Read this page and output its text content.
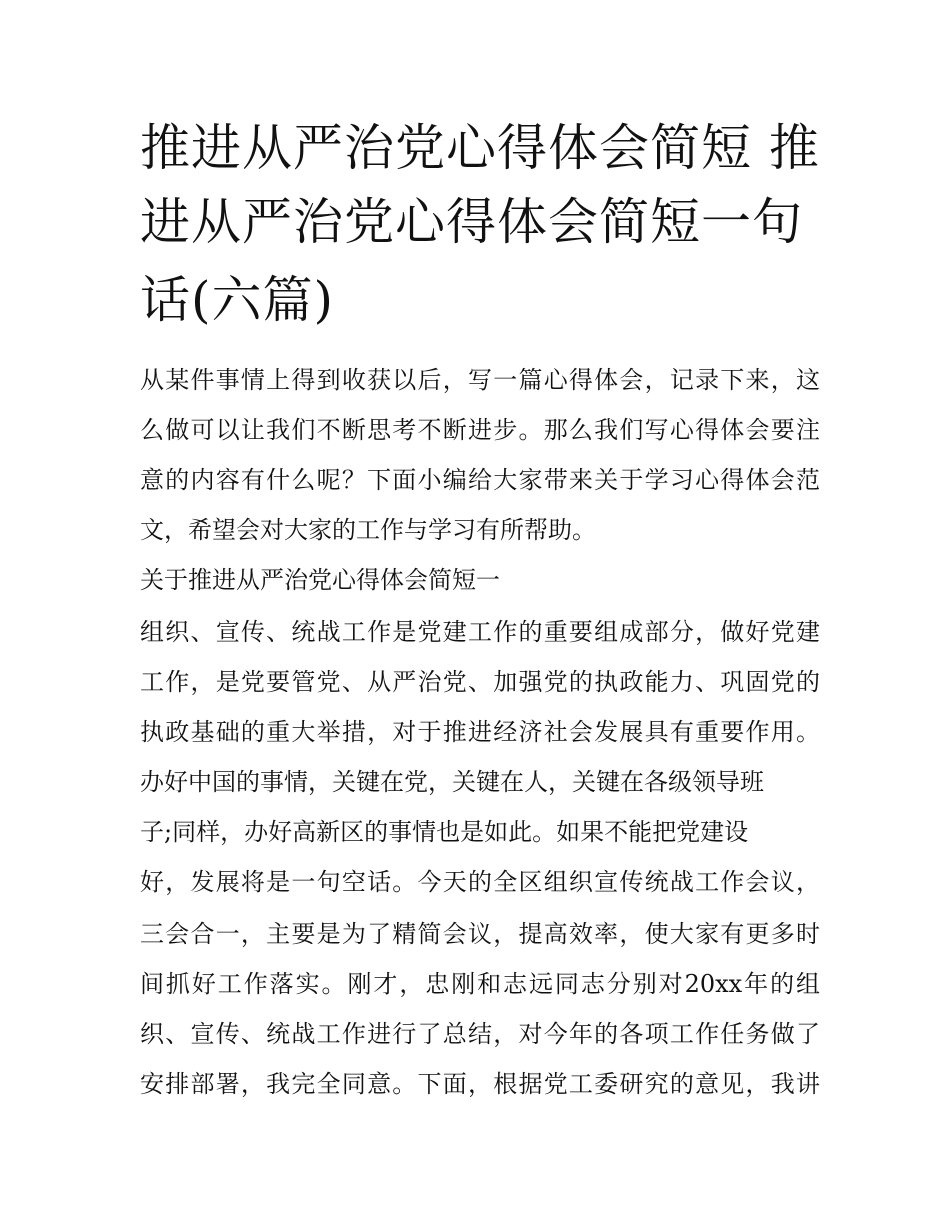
推进从严治党心得体会简短 推
进从严治党心得体会简短一句
话(六篇)
从某件事情上得到收获以后，写一篇心得体会，记录下来，这
么做可以让我们不断思考不断进步。那么我们写心得体会要注
意的内容有什么呢？下面小编给大家带来关于学习心得体会范
文，希望会对大家的工作与学习有所帮助。
关于推进从严治党心得体会简短一
组织、宣传、统战工作是党建工作的重要组成部分，做好党建
工作，是党要管党、从严治党、加强党的执政能力、巩固党的
执政基础的重大举措，对于推进经济社会发展具有重要作用。
办好中国的事情，关键在党，关键在人，关键在各级领导班
子;同样，办好高新区的事情也是如此。如果不能把党建设
好，发展将是一句空话。今天的全区组织宣传统战工作会议，
三会合一，主要是为了精简会议，提高效率，使大家有更多时
间抓好工作落实。刚才，忠刚和志远同志分别对20xx年的组
织、宣传、统战工作进行了总结，对今年的各项工作任务做了
安排部署，我完全同意。下面，根据党工委研究的意见，我讲
